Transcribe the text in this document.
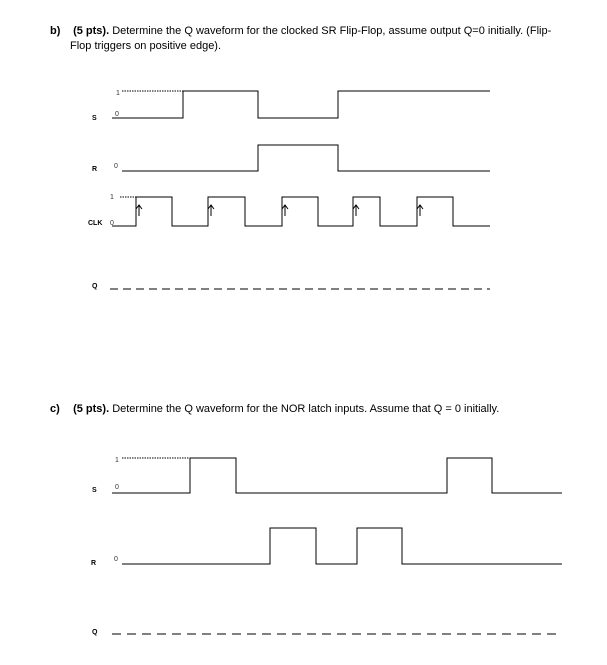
b) (5 pts). Determine the Q waveform for the clocked SR Flip-Flop, assume output Q=0 initially. (Flip-
Flop triggers on positive edge).
c) (5 pts). Determine the Q waveform for the NOR latch inputs. Assume that Q = 0 initially.
S
1
0
R 0
CLK
1
0
Q
S
1
0
R
0
Q
